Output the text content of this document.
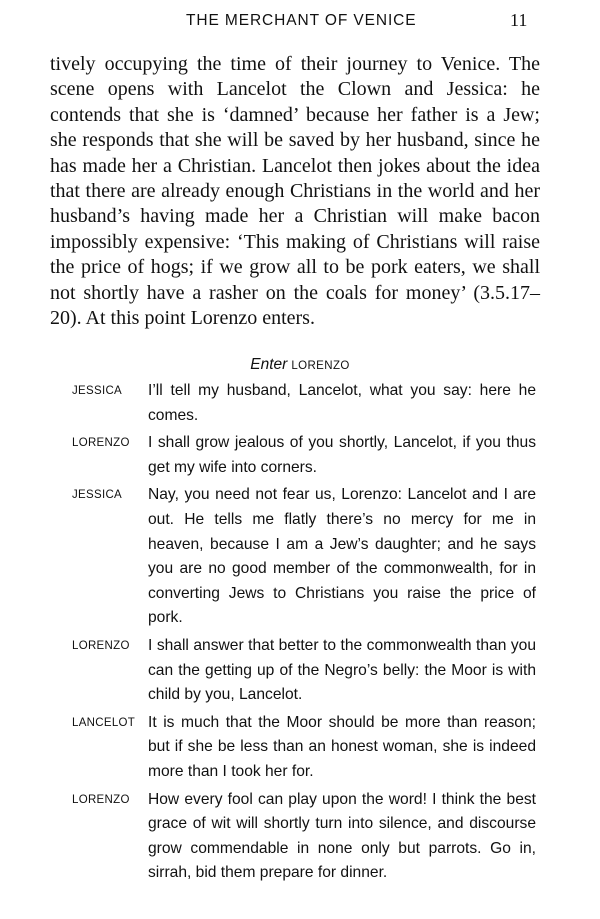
THE MERCHANT OF VENICE	11

tively occupying the time of their journey to Venice. The scene opens with Lancelot the Clown and Jessica: he contends that she is ‘damned’ because her father is a Jew; she responds that she will be saved by her husband, since he has made her a Christian. Lancelot then jokes about the idea that there are already enough Christians in the world and her husband’s having made her a Christian will make bacon impossibly expensive: ‘This making of Christians will raise the price of hogs; if we grow all to be pork eaters, we shall not shortly have a rasher on the coals for money’ (3.5.17–20). At this point Lorenzo enters.

Enter LORENZO
JESSICA I’ll tell my husband, Lancelot, what you say: here he comes.
LORENZO I shall grow jealous of you shortly, Lancelot, if you thus get my wife into corners.
JESSICA Nay, you need not fear us, Lorenzo: Lancelot and I are out. He tells me flatly there’s no mercy for me in heaven, because I am a Jew’s daughter; and he says you are no good member of the commonwealth, for in converting Jews to Christians you raise the price of pork.
LORENZO I shall answer that better to the commonwealth than you can the getting up of the Negro’s belly: the Moor is with child by you, Lancelot.
LANCELOT It is much that the Moor should be more than reason; but if she be less than an honest woman, she is indeed more than I took her for.
LORENZO How every fool can play upon the word! I think the best grace of wit will shortly turn into silence, and discourse grow commendable in none only but parrots. Go in, sirrah, bid them prepare for dinner.
